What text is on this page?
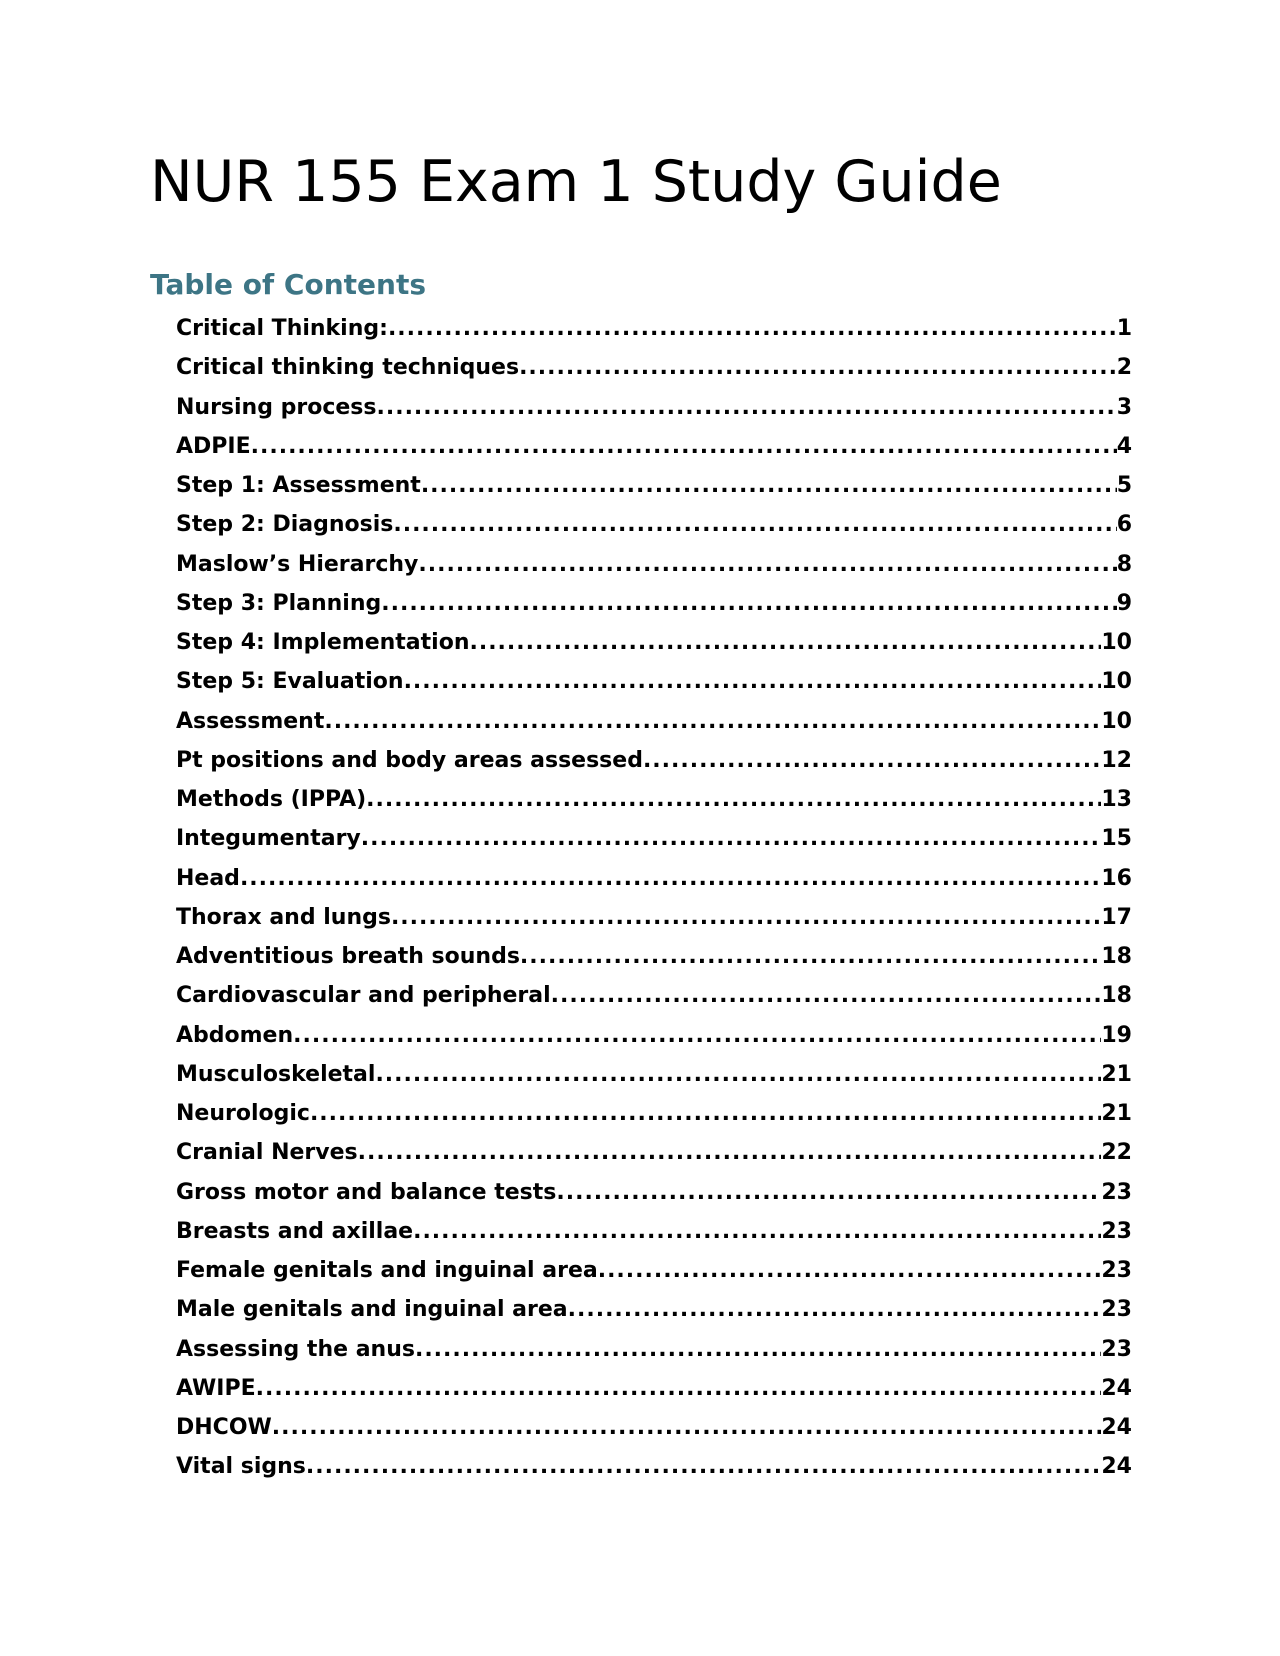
NUR 155 Exam 1 Study Guide
Table of Contents
Critical Thinking: .....	1
Critical thinking techniques .....	2
Nursing process .....	3
ADPIE .....	4
Step 1: Assessment .....	5
Step 2: Diagnosis .....	6
Maslow’s Hierarchy .....	8
Step 3: Planning .....	9
Step 4: Implementation .....	10
Step 5: Evaluation .....	10
Assessment .....	10
Pt positions and body areas assessed .....	12
Methods (IPPA) .....	13
Integumentary .....	15
Head .....	16
Thorax and lungs .....	17
Adventitious breath sounds .....	18
Cardiovascular and peripheral .....	18
Abdomen .....	19
Musculoskeletal .....	21
Neurologic .....	21
Cranial Nerves .....	22
Gross motor and balance tests .....	23
Breasts and axillae .....	23
Female genitals and inguinal area .....	23
Male genitals and inguinal area .....	23
Assessing the anus .....	23
AWIPE .....	24
DHCOW .....	24
Vital signs .....	24
